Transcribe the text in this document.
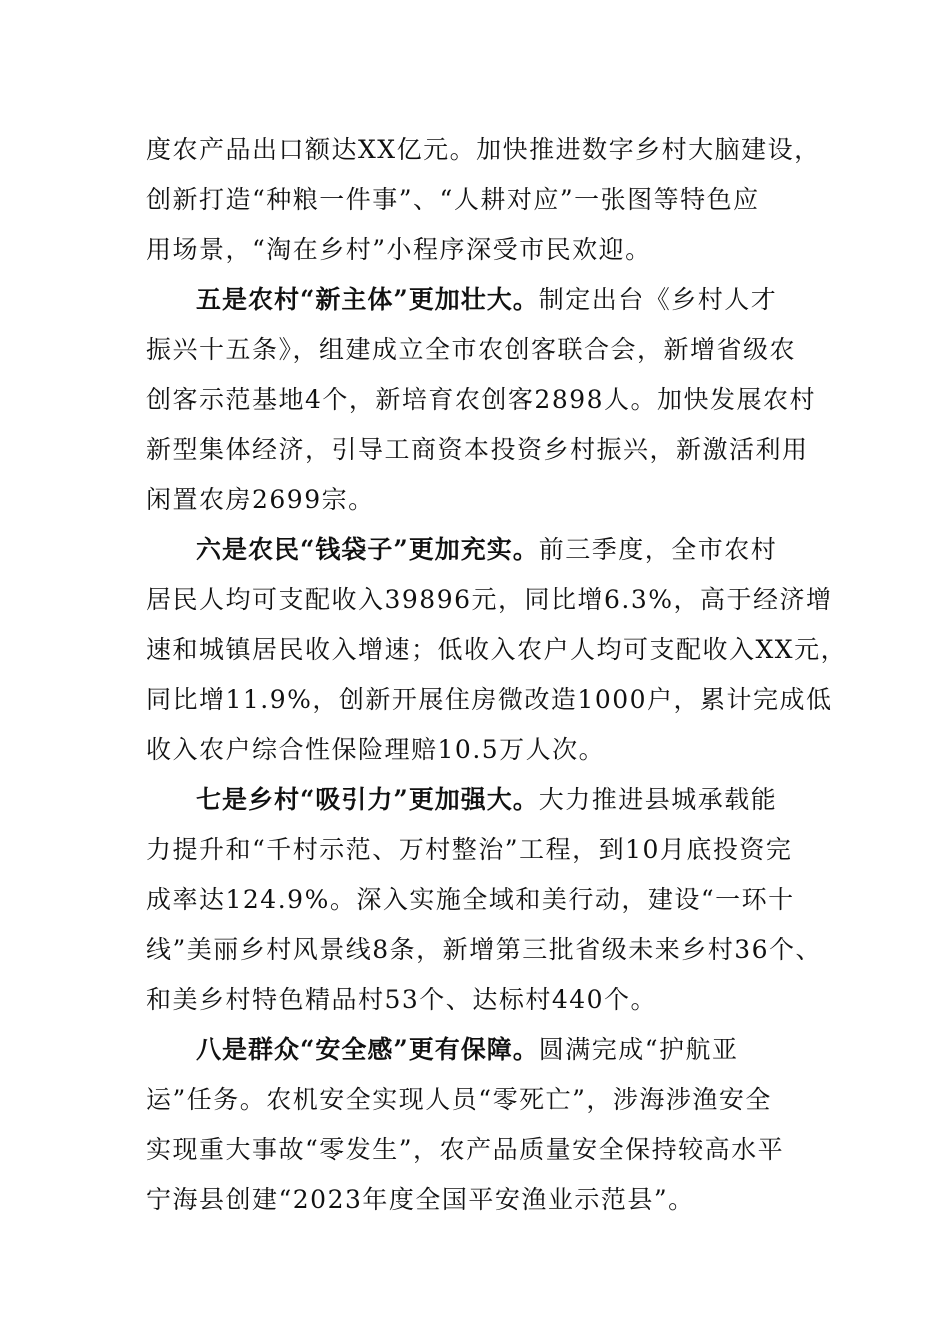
度农产品出口额达XX亿元。加快推进数字乡村大脑建设，
创新打造“种粮一件事”、“人耕对应”一张图等特色应
用场景，“淘在乡村”小程序深受市民欢迎。
五是农村“新主体”更加壮大。制定出台《乡村人才
振兴十五条》，组建成立全市农创客联合会，新增省级农
创客示范基地4个，新培育农创客2898人。加快发展农村
新型集体经济，引导工商资本投资乡村振兴，新激活利用
闲置农房2699宗。
六是农民“钱袋子”更加充实。前三季度，全市农村
居民人均可支配收入39896元，同比增6.3%，高于经济增
速和城镇居民收入增速；低收入农户人均可支配收入XX元，
同比增11.9%，创新开展住房微改造1000户，累计完成低
收入农户综合性保险理赔10.5万人次。
七是乡村“吸引力”更加强大。大力推进县城承载能
力提升和“千村示范、万村整治”工程，到10月底投资完
成率达124.9%。深入实施全域和美行动，建设“一环十
线”美丽乡村风景线8条，新增第三批省级未来乡村36个、
和美乡村特色精品村53个、达标村440个。
八是群众“安全感”更有保障。圆满完成“护航亚
运”任务。农机安全实现人员“零死亡”，涉海涉渔安全
实现重大事故“零发生”，农产品质量安全保持较高水平
宁海县创建“2023年度全国平安渔业示范县”。
